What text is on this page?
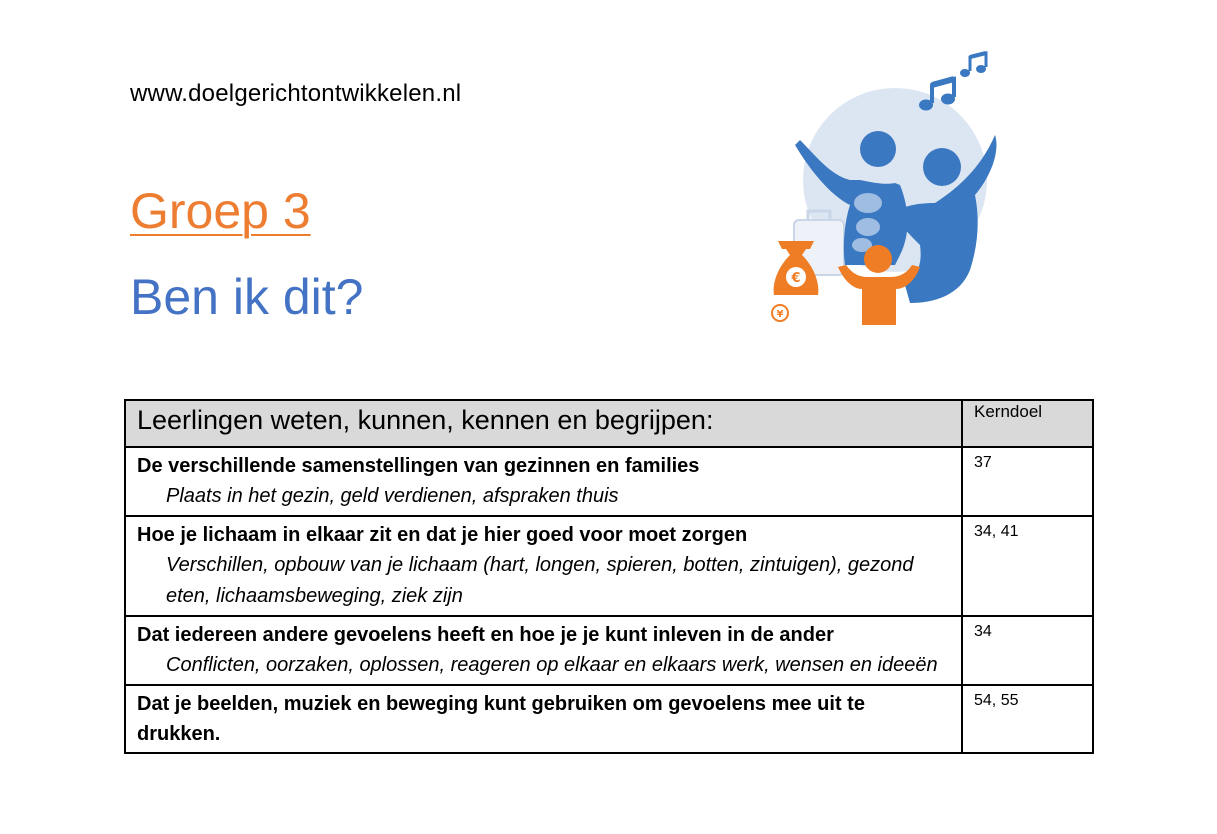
www.doelgerichtontwikkelen.nl
Groep 3
Ben ik dit?	€
¥
Leerlingen weten, kunnen, kennen en begrijpen:	Kerndoel

De verschillende samenstellingen van gezinnen en families
Plaats in het gezin, geld verdienen, afspraken thuis	37

Hoe je lichaam in elkaar zit en dat je hier goed voor moet zorgen
Verschillen, opbouw van je lichaam (hart, longen, spieren, botten, zintuigen), gezond eten, lichaamsbeweging, ziek zijn	34, 41

Dat iedereen andere gevoelens heeft en hoe je je kunt inleven in de ander
Conflicten, oorzaken, oplossen, reageren op elkaar en elkaars werk, wensen en ideeën	34

Dat je beelden, muziek en beweging kunt gebruiken om gevoelens mee uit te drukken.	54, 55
